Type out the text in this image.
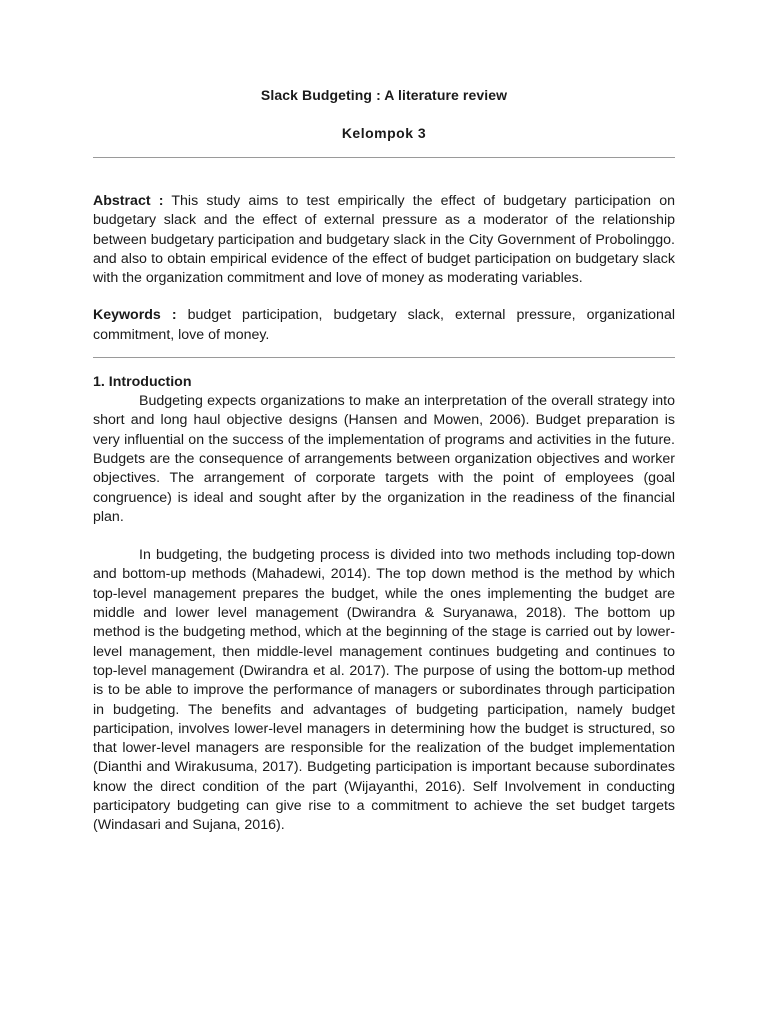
Slack Budgeting : A literature review
Kelompok 3

Abstract : This study aims to test empirically the effect of budgetary participation on budgetary slack and the effect of external pressure as a moderator of the relationship between budgetary participation and budgetary slack in the City Government of Probolinggo. and also to obtain empirical evidence of the effect of budget participation on budgetary slack with the organization commitment and love of money as moderating variables.

Keywords : budget participation, budgetary slack, external pressure, organizational commitment, love of money.

1. Introduction

Budgeting expects organizations to make an interpretation of the overall strategy into short and long haul objective designs (Hansen and Mowen, 2006). Budget preparation is very influential on the success of the implementation of programs and activities in the future. Budgets are the consequence of arrangements between organization objectives and worker objectives. The arrangement of corporate targets with the point of employees (goal congruence) is ideal and sought after by the organization in the readiness of the financial plan.

In budgeting, the budgeting process is divided into two methods including top-down and bottom-up methods (Mahadewi, 2014). The top down method is the method by which top-level management prepares the budget, while the ones implementing the budget are middle and lower level management (Dwirandra & Suryanawa, 2018). The bottom up method is the budgeting method, which at the beginning of the stage is carried out by lower-level management, then middle-level management continues budgeting and continues to top-level management (Dwirandra et al. 2017). The purpose of using the bottom-up method is to be able to improve the performance of managers or subordinates through participation in budgeting. The benefits and advantages of budgeting participation, namely budget participation, involves lower-level managers in determining how the budget is structured, so that lower-level managers are responsible for the realization of the budget implementation (Dianthi and Wirakusuma, 2017). Budgeting participation is important because subordinates know the direct condition of the part (Wijayanthi, 2016). Self Involvement in conducting participatory budgeting can give rise to a commitment to achieve the set budget targets (Windasari and Sujana, 2016).
